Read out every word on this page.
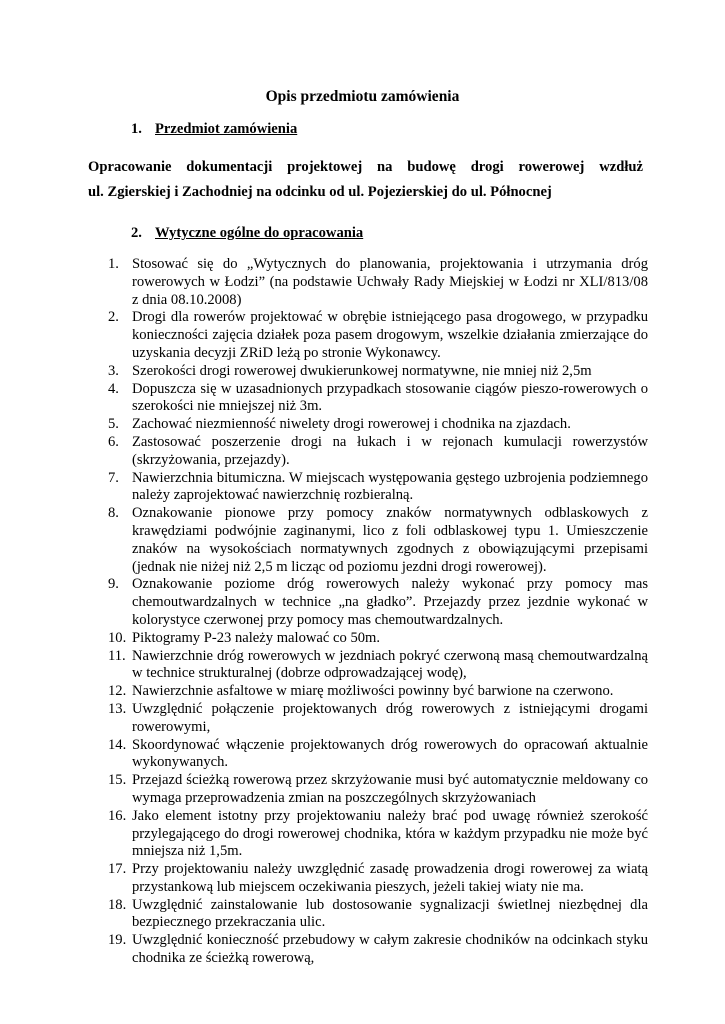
Opis przedmiotu zamówienia
1. Przedmiot zamówienia
Opracowanie dokumentacji projektowej na budowę drogi rowerowej wzdłuż
ul. Zgierskiej i Zachodniej na odcinku od ul. Pojezierskiej do ul. Północnej
2. Wytyczne ogólne do opracowania
1. Stosować się do „Wytycznych do planowania, projektowania i utrzymania dróg rowerowych w Łodzi” (na podstawie Uchwały Rady Miejskiej w Łodzi nr XLI/813/08 z dnia 08.10.2008)
2. Drogi dla rowerów projektować w obrębie istniejącego pasa drogowego, w przypadku konieczności zajęcia działek poza pasem drogowym, wszelkie działania zmierzające do uzyskania decyzji ZRiD leżą po stronie Wykonawcy.
3. Szerokości drogi rowerowej dwukierunkowej normatywne, nie mniej niż 2,5m
4. Dopuszcza się w uzasadnionych przypadkach stosowanie ciągów pieszo-rowerowych o szerokości nie mniejszej niż 3m.
5. Zachować niezmienność niwelety drogi rowerowej i chodnika na zjazdach.
6. Zastosować poszerzenie drogi na łukach i w rejonach kumulacji rowerzystów (skrzyżowania, przejazdy).
7. Nawierzchnia bitumiczna. W miejscach występowania gęstego uzbrojenia podziemnego należy zaprojektować nawierzchnię rozbieralną.
8. Oznakowanie pionowe przy pomocy znaków normatywnych odblaskowych z krawędziami podwójnie zaginanymi, lico z foli odblaskowej typu 1. Umieszczenie znaków na wysokościach normatywnych zgodnych z obowiązującymi przepisami (jednak nie niżej niż 2,5 m licząc od poziomu jezdni drogi rowerowej).
9. Oznakowanie poziome dróg rowerowych należy wykonać przy pomocy mas chemoutwardzalnych w technice „na gładko”. Przejazdy przez jezdnie wykonać w kolorystyce czerwonej przy pomocy mas chemoutwardzalnych.
10. Piktogramy P-23 należy malować co 50m.
11. Nawierzchnie dróg rowerowych w jezdniach pokryć czerwoną masą chemoutwardzalną w technice strukturalnej (dobrze odprowadzającej wodę),
12. Nawierzchnie asfaltowe w miarę możliwości powinny być barwione na czerwono.
13. Uwzględnić połączenie projektowanych dróg rowerowych z istniejącymi drogami rowerowymi,
14. Skoordynować włączenie projektowanych dróg rowerowych do opracowań aktualnie wykonywanych.
15. Przejazd ścieżką rowerową przez skrzyżowanie musi być automatycznie meldowany co wymaga przeprowadzenia zmian na poszczególnych skrzyżowaniach
16. Jako element istotny przy projektowaniu należy brać pod uwagę również szerokość przylegającego do drogi rowerowej chodnika, która w każdym przypadku nie może być mniejsza niż 1,5m.
17. Przy projektowaniu należy uwzględnić zasadę prowadzenia drogi rowerowej za wiatą przystankową lub miejscem oczekiwania pieszych, jeżeli takiej wiaty nie ma.
18. Uwzględnić zainstalowanie lub dostosowanie sygnalizacji świetlnej niezbędnej dla bezpiecznego przekraczania ulic.
19. Uwzględnić konieczność przebudowy w całym zakresie chodników na odcinkach styku chodnika ze ścieżką rowerową,
